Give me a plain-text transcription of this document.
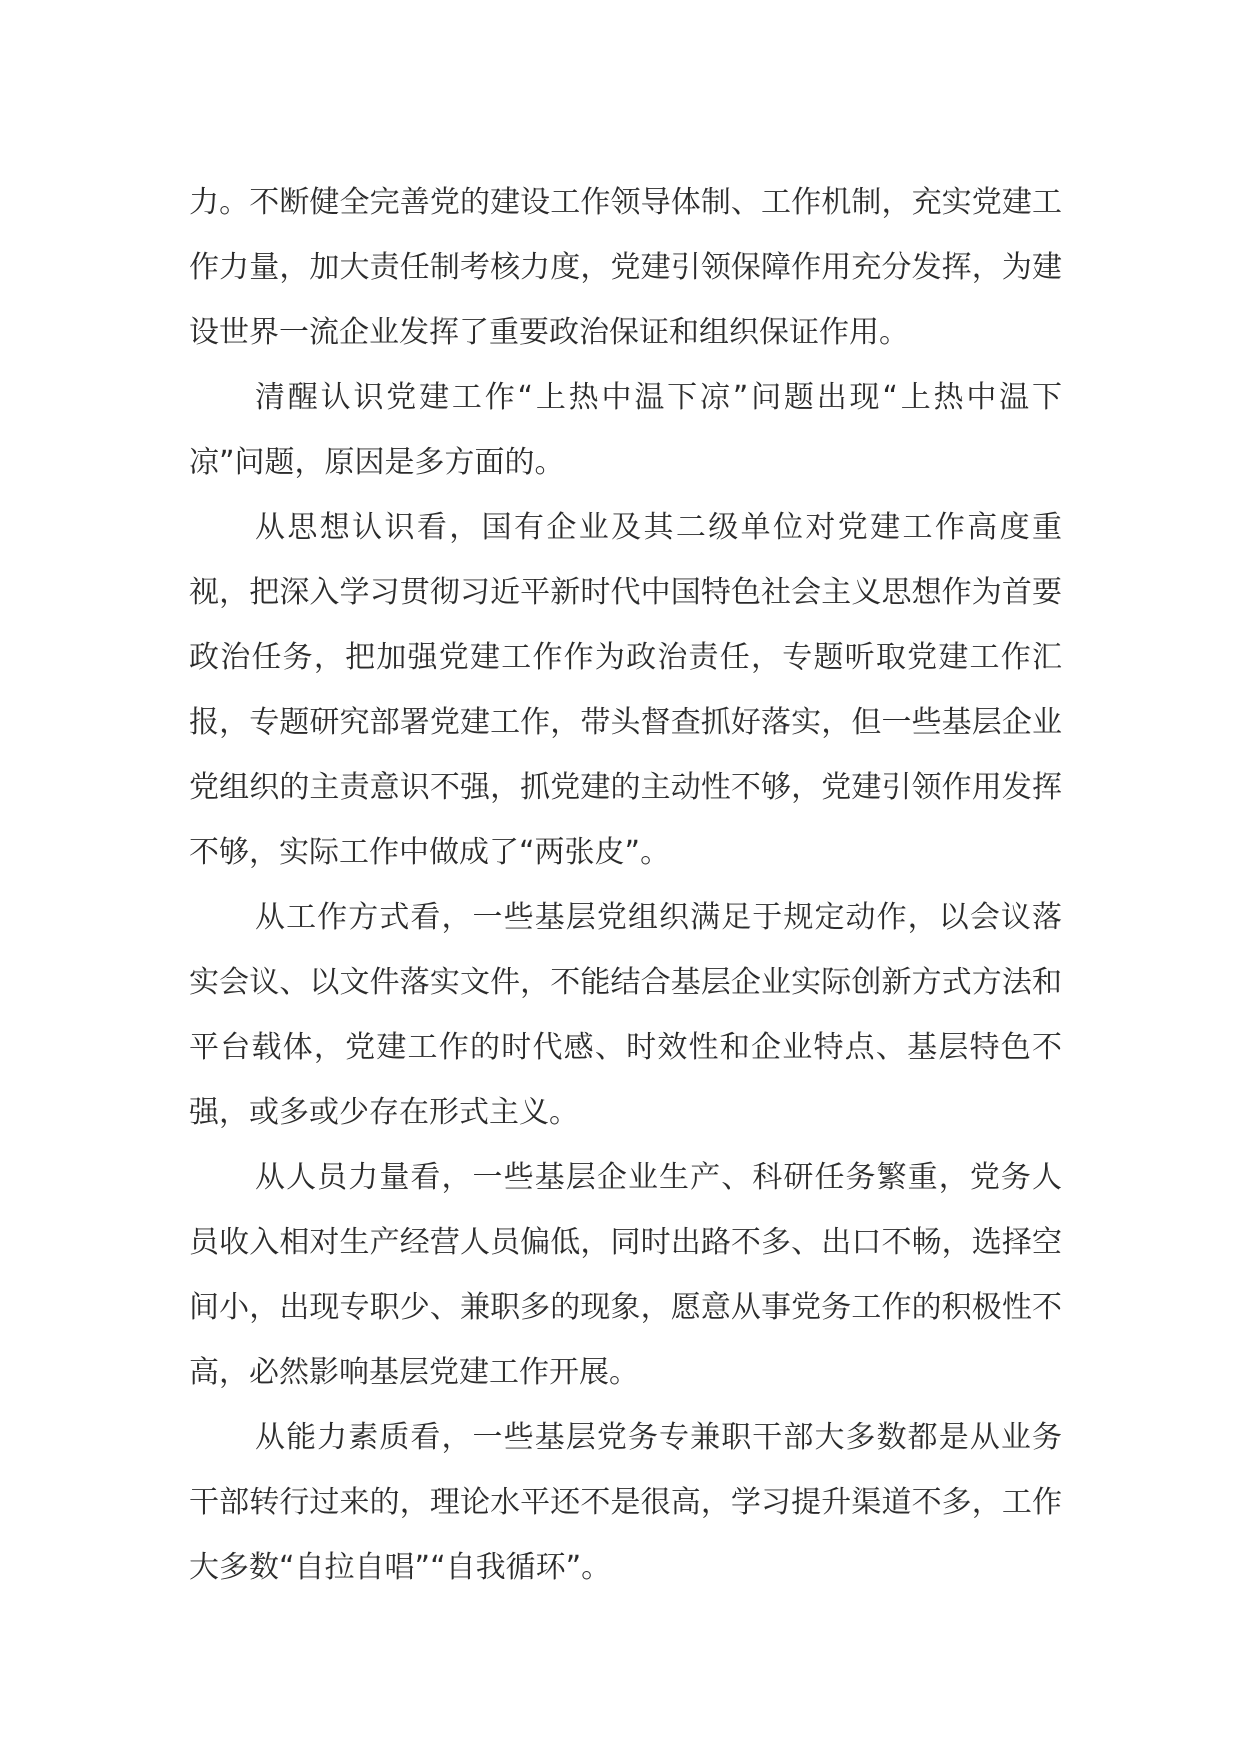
力。不断健全完善党的建设工作领导体制、工作机制，充实党建工作力量，加大责任制考核力度，党建引领保障作用充分发挥，为建设世界一流企业发挥了重要政治保证和组织保证作用。

清醒认识党建工作“上热中温下凉”问题出现“上热中温下凉”问题，原因是多方面的。

从思想认识看，国有企业及其二级单位对党建工作高度重视，把深入学习贯彻习近平新时代中国特色社会主义思想作为首要政治任务，把加强党建工作作为政治责任，专题听取党建工作汇报，专题研究部署党建工作，带头督查抓好落实，但一些基层企业党组织的主责意识不强，抓党建的主动性不够，党建引领作用发挥不够，实际工作中做成了“两张皮”。

从工作方式看，一些基层党组织满足于规定动作，以会议落实会议、以文件落实文件，不能结合基层企业实际创新方式方法和平台载体，党建工作的时代感、时效性和企业特点、基层特色不强，或多或少存在形式主义。

从人员力量看，一些基层企业生产、科研任务繁重，党务人员收入相对生产经营人员偏低，同时出路不多、出口不畅，选择空间小，出现专职少、兼职多的现象，愿意从事党务工作的积极性不高，必然影响基层党建工作开展。

从能力素质看，一些基层党务专兼职干部大多数都是从业务干部转行过来的，理论水平还不是很高，学习提升渠道不多，工作大多数“自拉自唱”“自我循环”。
